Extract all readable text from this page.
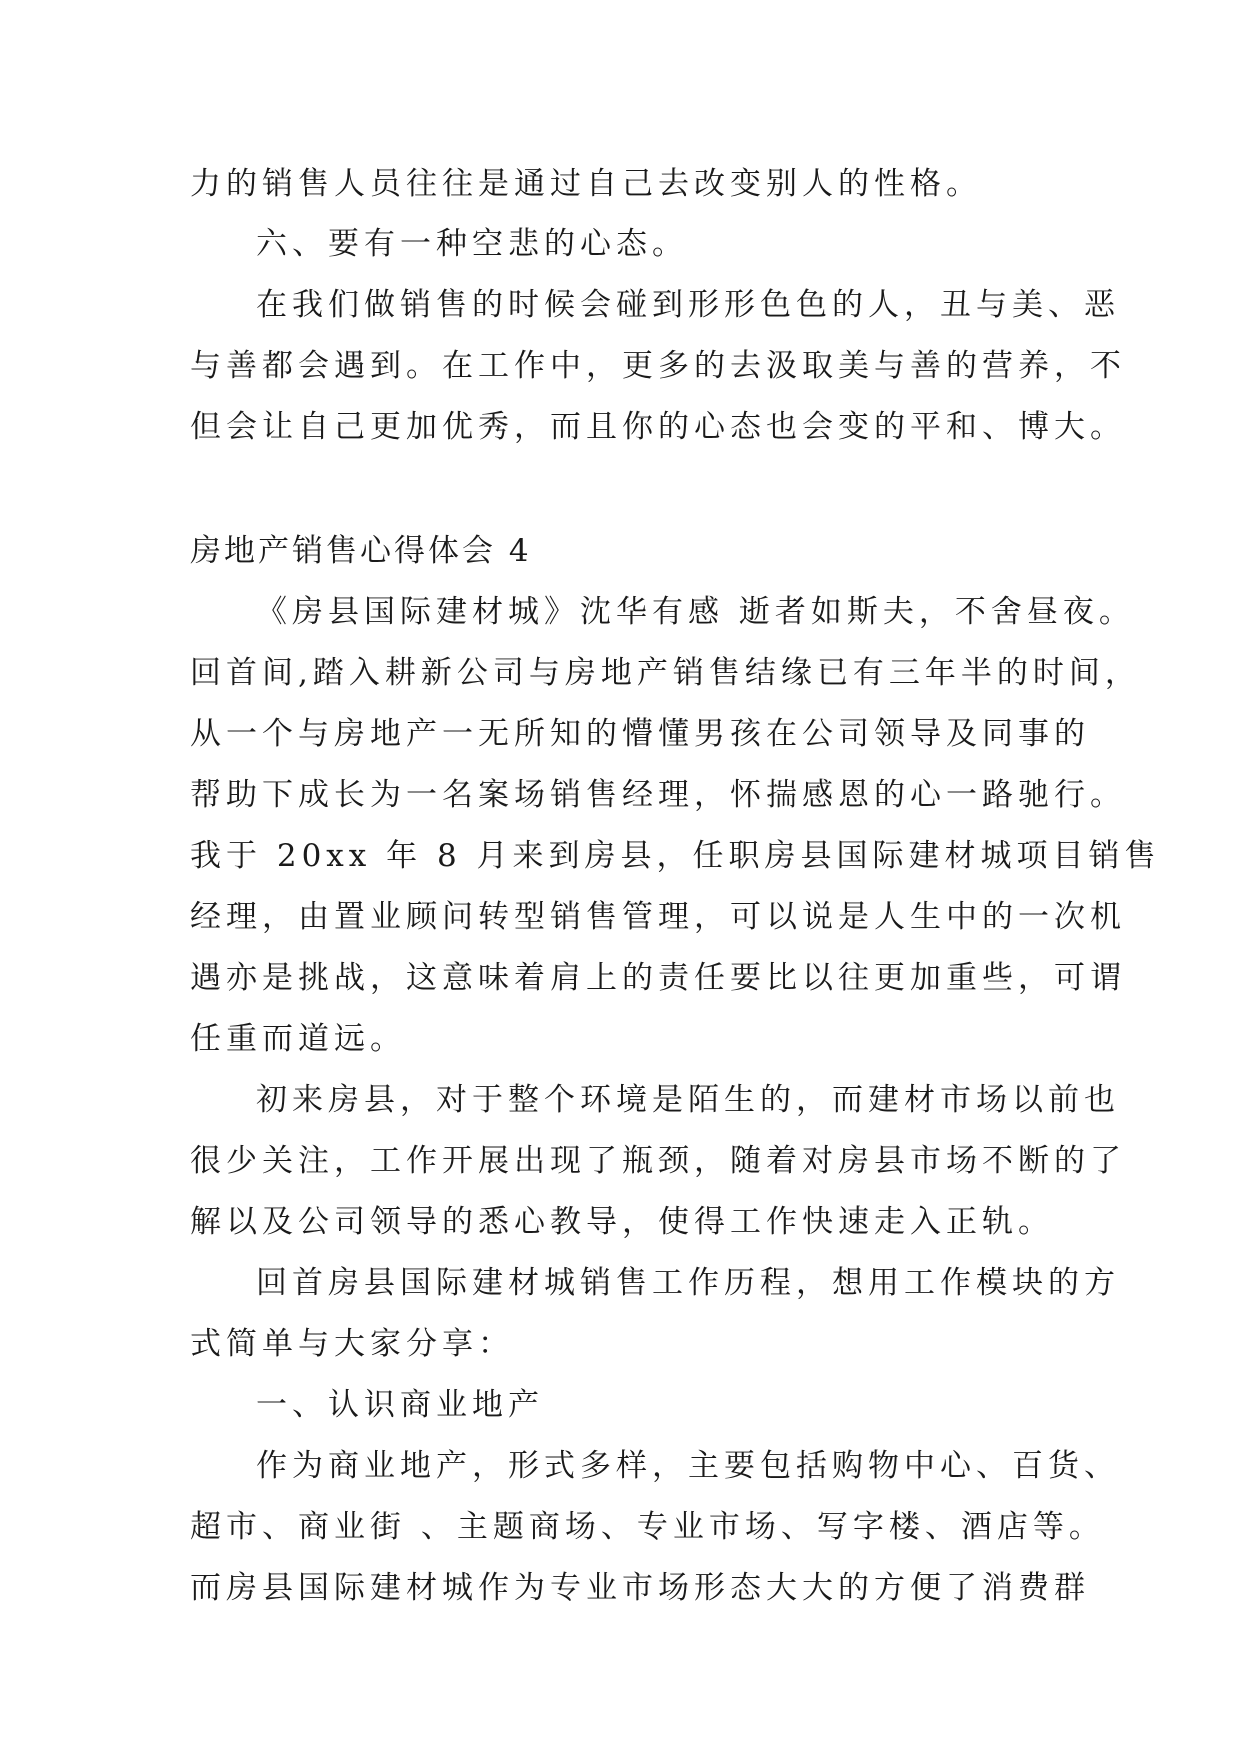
力的销售人员往往是通过自己去改变别人的性格。
六、要有一种空悲的心态。
在我们做销售的时候会碰到形形色色的人，丑与美、恶
与善都会遇到。在工作中，更多的去汲取美与善的营养，不
但会让自己更加优秀，而且你的心态也会变的平和、博大。
房地产销售心得体会 4
《房县国际建材城》沈华有感 逝者如斯夫，不舍昼夜。
回首间,踏入耕新公司与房地产销售结缘已有三年半的时间，
从一个与房地产一无所知的懵懂男孩在公司领导及同事的
帮助下成长为一名案场销售经理，怀揣感恩的心一路驰行。
我于 20xx 年 8 月来到房县，任职房县国际建材城项目销售
经理，由置业顾问转型销售管理，可以说是人生中的一次机
遇亦是挑战，这意味着肩上的责任要比以往更加重些，可谓
任重而道远。
初来房县，对于整个环境是陌生的，而建材市场以前也
很少关注，工作开展出现了瓶颈，随着对房县市场不断的了
解以及公司领导的悉心教导，使得工作快速走入正轨。
回首房县国际建材城销售工作历程，想用工作模块的方
式简单与大家分享：
一、认识商业地产
作为商业地产，形式多样，主要包括购物中心、百货、
超市、商业街 、主题商场、专业市场、写字楼、酒店等。
而房县国际建材城作为专业市场形态大大的方便了消费群
